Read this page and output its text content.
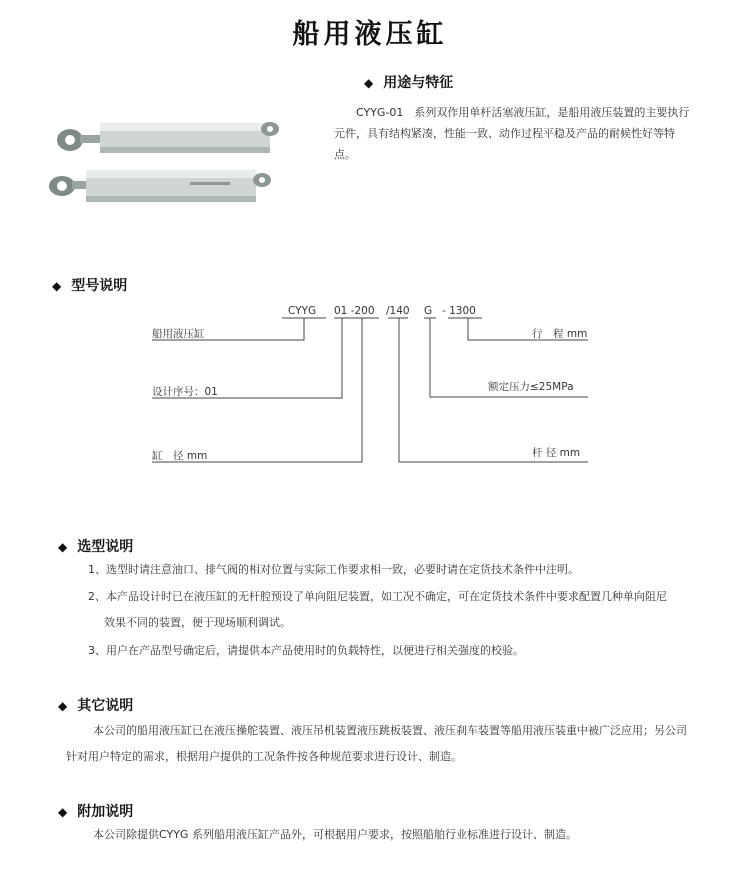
船用液压缸
◆ 用途与特征
CYYG-01　系列双作用单杆活塞液压缸，是船用液压装置的主要执行元件，具有结构紧凑，性能一致、动作过程平稳及产品的耐候性好等特点。
◆ 型号说明
CYYG 01 -200 /140 G - 1300
船用液压缸
设计序号：01
缸　径 mm
行　程 mm
额定压力≤25MPa
杆 径 mm
◆ 选型说明
1、选型时请注意油口、排气阀的相对位置与实际工作要求相一致，必要时请在定货技术条件中注明。
2、本产品设计时已在液压缸的无杆腔预设了单向阻尼装置，如工况不确定，可在定货技术条件中要求配置几种单向阻尼
效果不同的装置，便于现场顺利调试。
3、用户在产品型号确定后，请提供本产品使用时的负载特性，以便进行相关强度的校验。
◆ 其它说明
本公司的船用液压缸已在液压操舵装置、液压吊机装置液压跳板装置、液压刹车装置等船用液压装重中被广泛应用；另公司针对用户特定的需求，根据用户提供的工况条件按各种规范要求进行设计、制造。
◆ 附加说明
本公司除提供CYYG 系列船用液压缸产品外，可根据用户要求，按照船舶行业标准进行设计、制造。
